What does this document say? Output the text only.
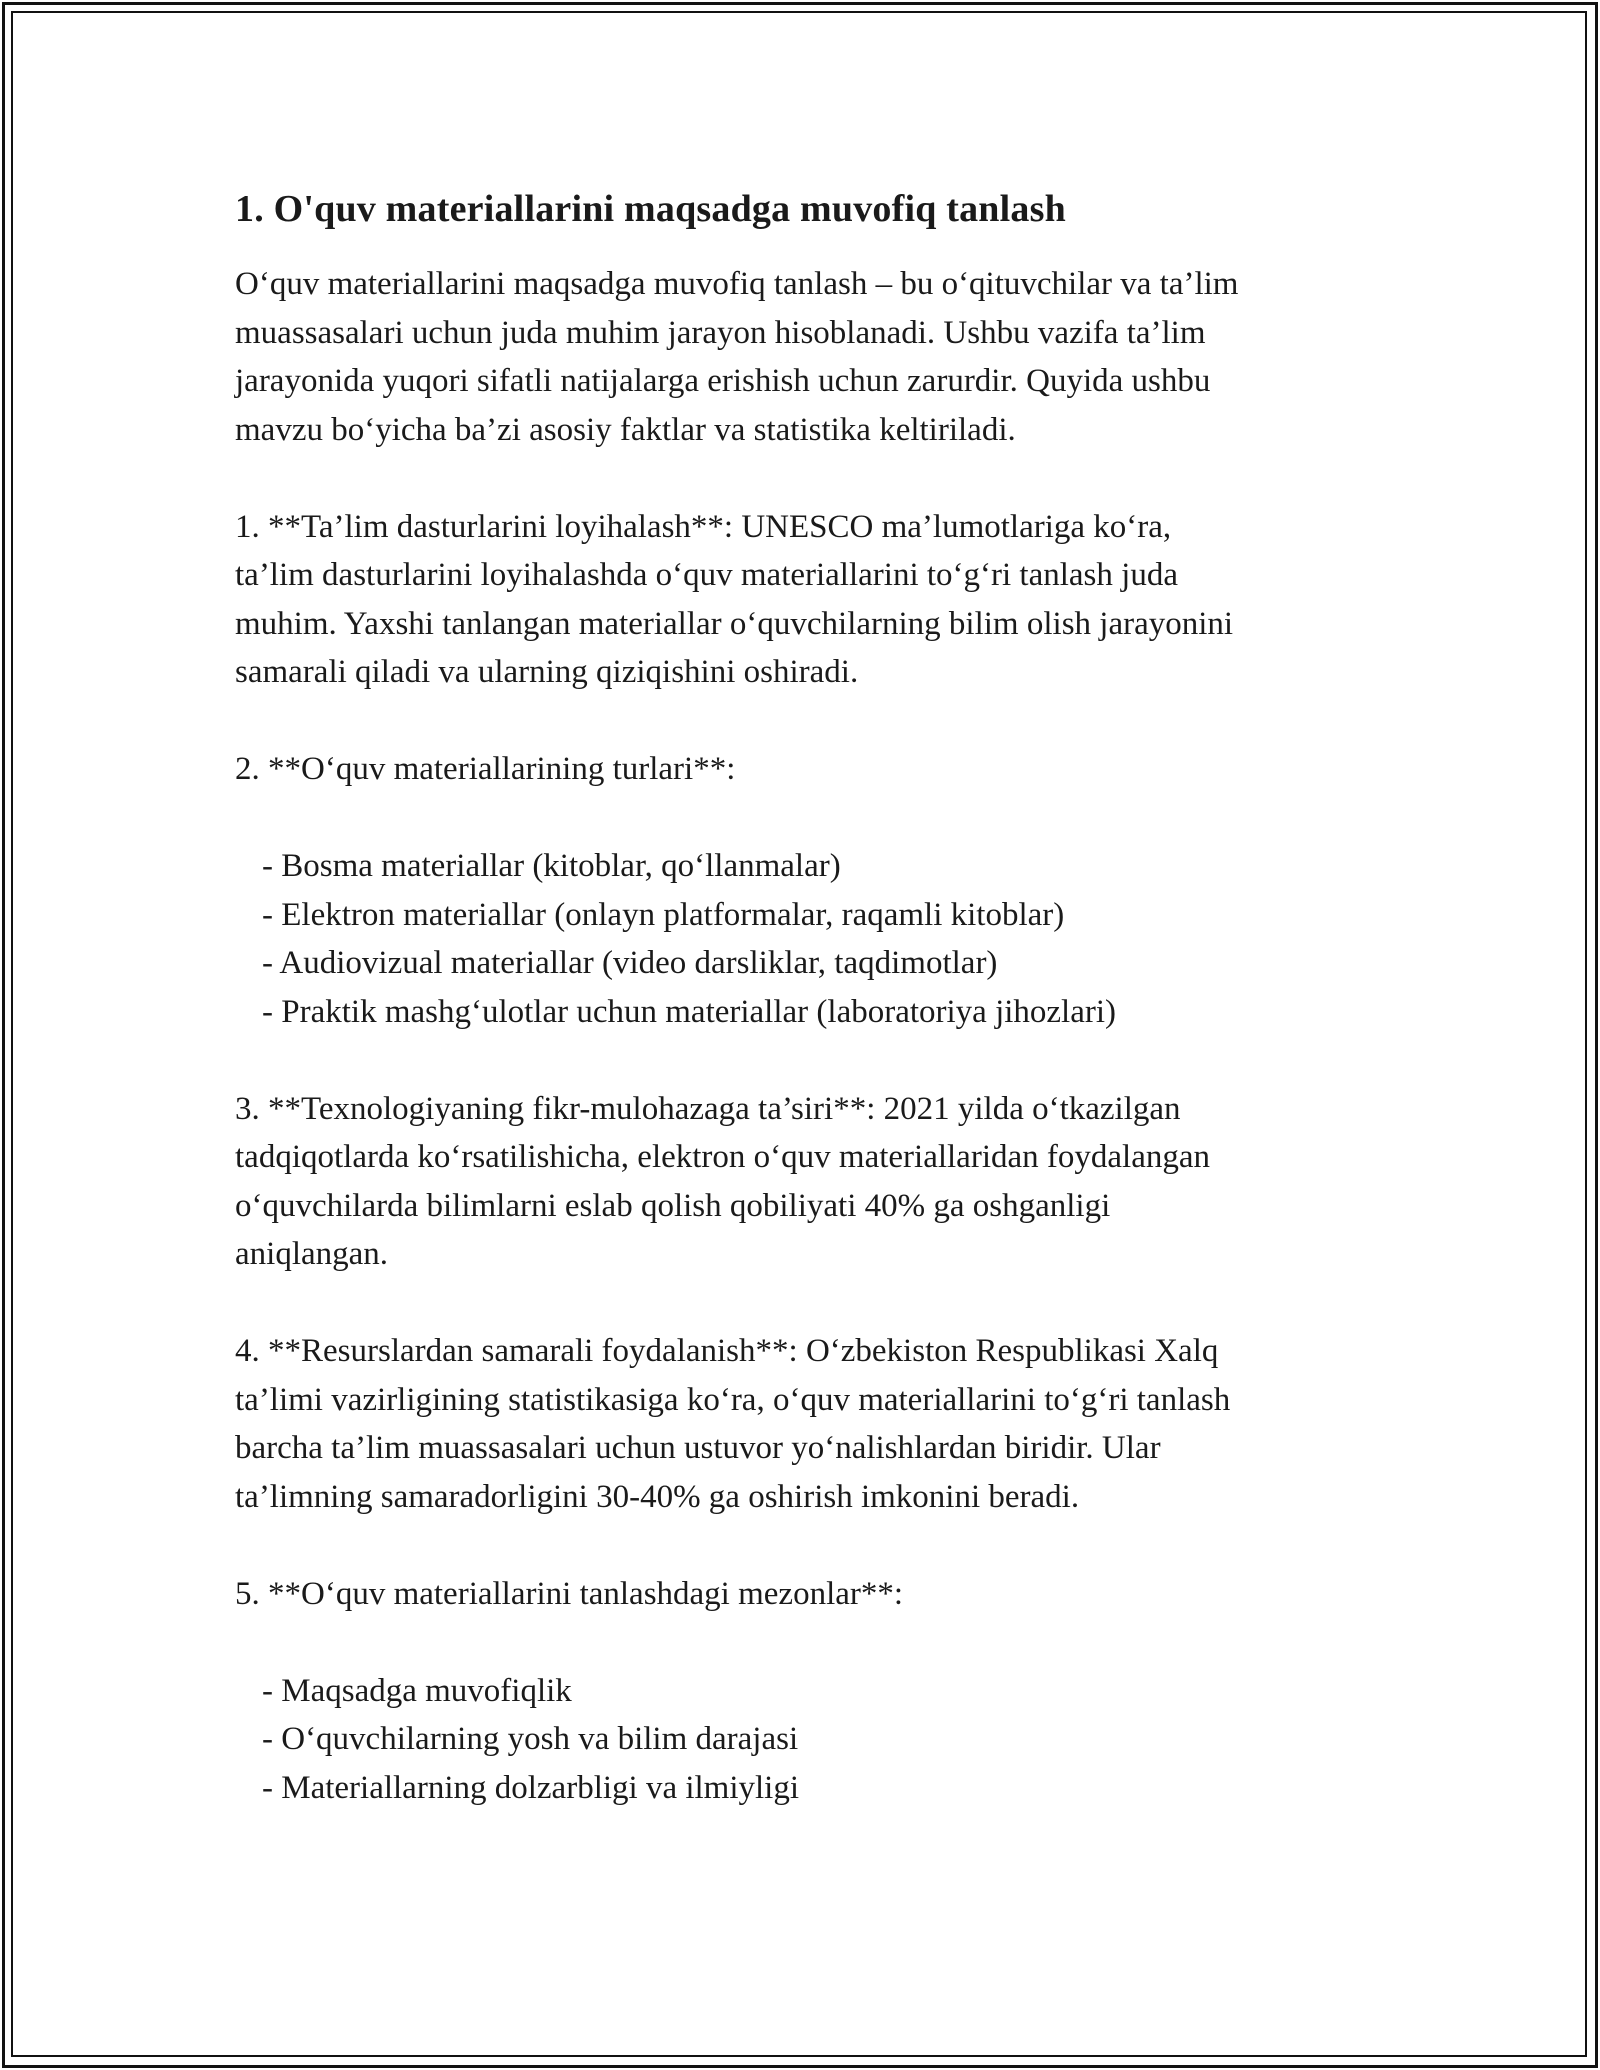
1. O'quv materiallarini maqsadga muvofiq tanlash

O‘quv materiallarini maqsadga muvofiq tanlash – bu o‘qituvchilar va ta’lim
muassasalari uchun juda muhim jarayon hisoblanadi. Ushbu vazifa ta’lim
jarayonida yuqori sifatli natijalarga erishish uchun zarurdir. Quyida ushbu
mavzu bo‘yicha ba’zi asosiy faktlar va statistika keltiriladi.

1. **Ta’lim dasturlarini loyihalash**: UNESCO ma’lumotlariga ko‘ra,
ta’lim dasturlarini loyihalashda o‘quv materiallarini to‘g‘ri tanlash juda
muhim. Yaxshi tanlangan materiallar o‘quvchilarning bilim olish jarayonini
samarali qiladi va ularning qiziqishini oshiradi.

2. **O‘quv materiallarining turlari**:

- Bosma materiallar (kitoblar, qo‘llanmalar)

- Elektron materiallar (onlayn platformalar, raqamli kitoblar)

- Audiovizual materiallar (video darsliklar, taqdimotlar)

- Praktik mashg‘ulotlar uchun materiallar (laboratoriya jihozlari)

3. **Texnologiyaning fikr-mulohazaga ta’siri**: 2021 yilda o‘tkazilgan
tadqiqotlarda ko‘rsatilishicha, elektron o‘quv materiallaridan foydalangan
o‘quvchilarda bilimlarni eslab qolish qobiliyati 40% ga oshganligi
aniqlangan.

4. **Resurslardan samarali foydalanish**: O‘zbekiston Respublikasi Xalq
ta’limi vazirligining statistikasiga ko‘ra, o‘quv materiallarini to‘g‘ri tanlash
barcha ta’lim muassasalari uchun ustuvor yo‘nalishlardan biridir. Ular
ta’limning samaradorligini 30-40% ga oshirish imkonini beradi.

5. **O‘quv materiallarini tanlashdagi mezonlar**:

- Maqsadga muvofiqlik

- O‘quvchilarning yosh va bilim darajasi

- Materiallarning dolzarbligi va ilmiyligi
